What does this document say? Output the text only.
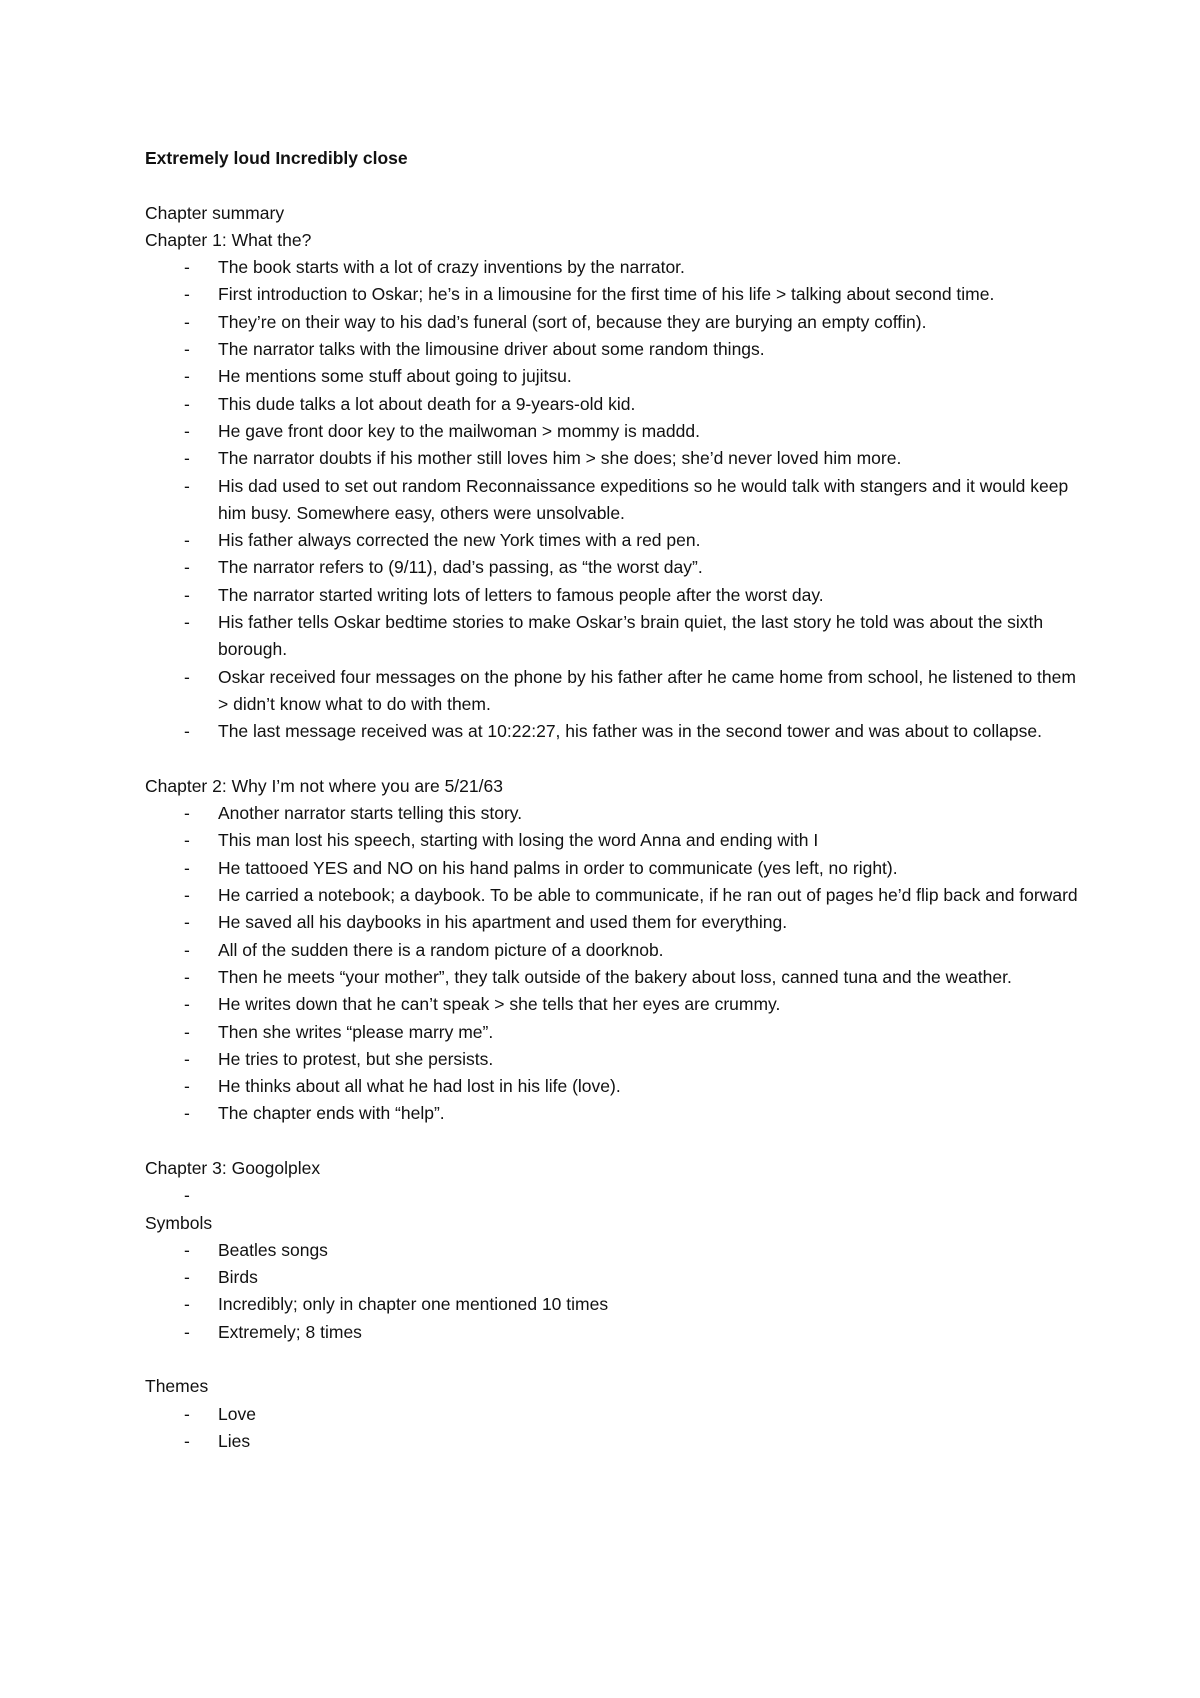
Extremely loud Incredibly close

Chapter summary

Chapter 1: What the?

- The book starts with a lot of crazy inventions by the narrator.
- First introduction to Oskar; he’s in a limousine for the first time of his life > talking about second time.
- They’re on their way to his dad’s funeral (sort of, because they are burying an empty coffin).
- The narrator talks with the limousine driver about some random things.
- He mentions some stuff about going to jujitsu.
- This dude talks a lot about death for a 9-years-old kid.
- He gave front door key to the mailwoman > mommy is maddd.
- The narrator doubts if his mother still loves him > she does; she’d never loved him more.
- His dad used to set out random Reconnaissance expeditions so he would talk with stangers and it would keep him busy. Somewhere easy, others were unsolvable.
- His father always corrected the new York times with a red pen.
- The narrator refers to (9/11), dad’s passing, as “the worst day”.
- The narrator started writing lots of letters to famous people after the worst day.
- His father tells Oskar bedtime stories to make Oskar’s brain quiet, the last story he told was about the sixth borough.
- Oskar received four messages on the phone by his father after he came home from school, he listened to them > didn’t know what to do with them.
- The last message received was at 10:22:27, his father was in the second tower and was about to collapse.

Chapter 2: Why I’m not where you are 5/21/63

- Another narrator starts telling this story.
- This man lost his speech, starting with losing the word Anna and ending with I
- He tattooed YES and NO on his hand palms in order to communicate (yes left, no right).
- He carried a notebook; a daybook. To be able to communicate, if he ran out of pages he’d flip back and forward
- He saved all his daybooks in his apartment and used them for everything.
- All of the sudden there is a random picture of a doorknob.
- Then he meets “your mother”, they talk outside of the bakery about loss, canned tuna and the weather.
- He writes down that he can’t speak > she tells that her eyes are crummy.
- Then she writes “please marry me”.
- He tries to protest, but she persists.
- He thinks about all what he had lost in his life (love).
- The chapter ends with “help”.

Chapter 3: Googolplex

-

Symbols

- Beatles songs
- Birds
- Incredibly; only in chapter one mentioned 10 times
- Extremely; 8 times

Themes

- Love
- Lies
